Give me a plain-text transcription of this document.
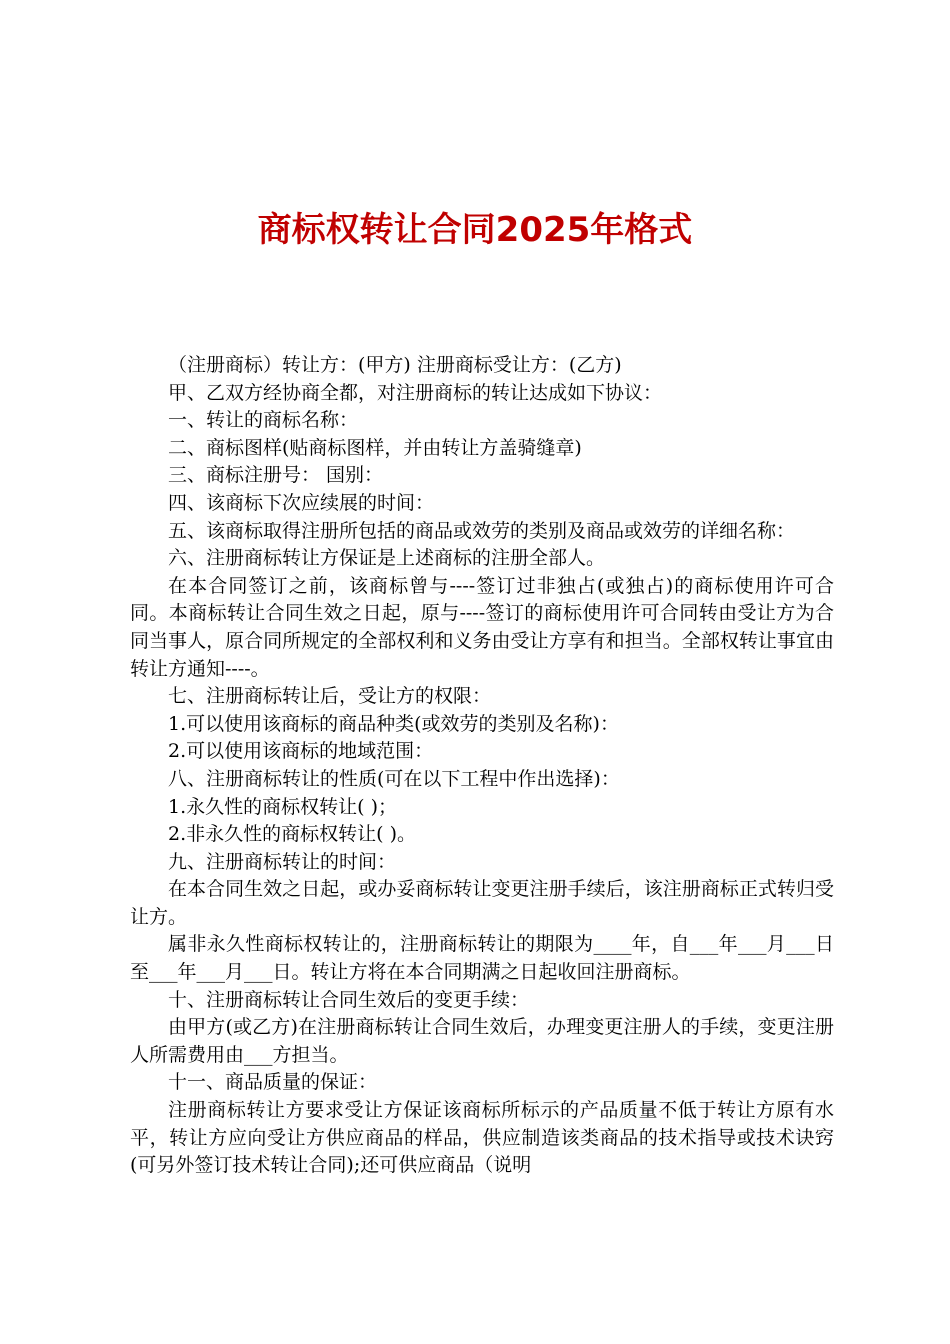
商标权转让合同2025年格式

（注册商标）转让方：(甲方) 注册商标受让方：(乙方)

甲、乙双方经协商全都，对注册商标的转让达成如下协议：

一、转让的商标名称：

二、商标图样(贴商标图样，并由转让方盖骑缝章)

三、商标注册号： 国别：

四、该商标下次应续展的时间：

五、该商标取得注册所包括的商品或效劳的类别及商品或效劳的详细名称：

六、注册商标转让方保证是上述商标的注册全部人。

在本合同签订之前，该商标曾与----签订过非独占(或独占)的商标使用许可合同。本商标转让合同生效之日起，原与----签订的商标使用许可合同转由受让方为合同当事人，原合同所规定的全部权利和义务由受让方享有和担当。全部权转让事宜由转让方通知----。

七、注册商标转让后，受让方的权限：

1.可以使用该商标的商品种类(或效劳的类别及名称)：

2.可以使用该商标的地域范围：

八、注册商标转让的性质(可在以下工程中作出选择)：

1.永久性的商标权转让( )；

2.非永久性的商标权转让( )。

九、注册商标转让的时间：

在本合同生效之日起，或办妥商标转让变更注册手续后，该注册商标正式转归受让方。

属非永久性商标权转让的，注册商标转让的期限为____年，自___年___月___日至___年___月___日。转让方将在本合同期满之日起收回注册商标。

十、注册商标转让合同生效后的变更手续：

由甲方(或乙方)在注册商标转让合同生效后，办理变更注册人的手续，变更注册人所需费用由___方担当。

十一、商品质量的保证：

注册商标转让方要求受让方保证该商标所标示的产品质量不低于转让方原有水平，转让方应向受让方供应商品的样品，供应制造该类商品的技术指导或技术诀窍(可另外签订技术转让合同);还可供应商品（说明
